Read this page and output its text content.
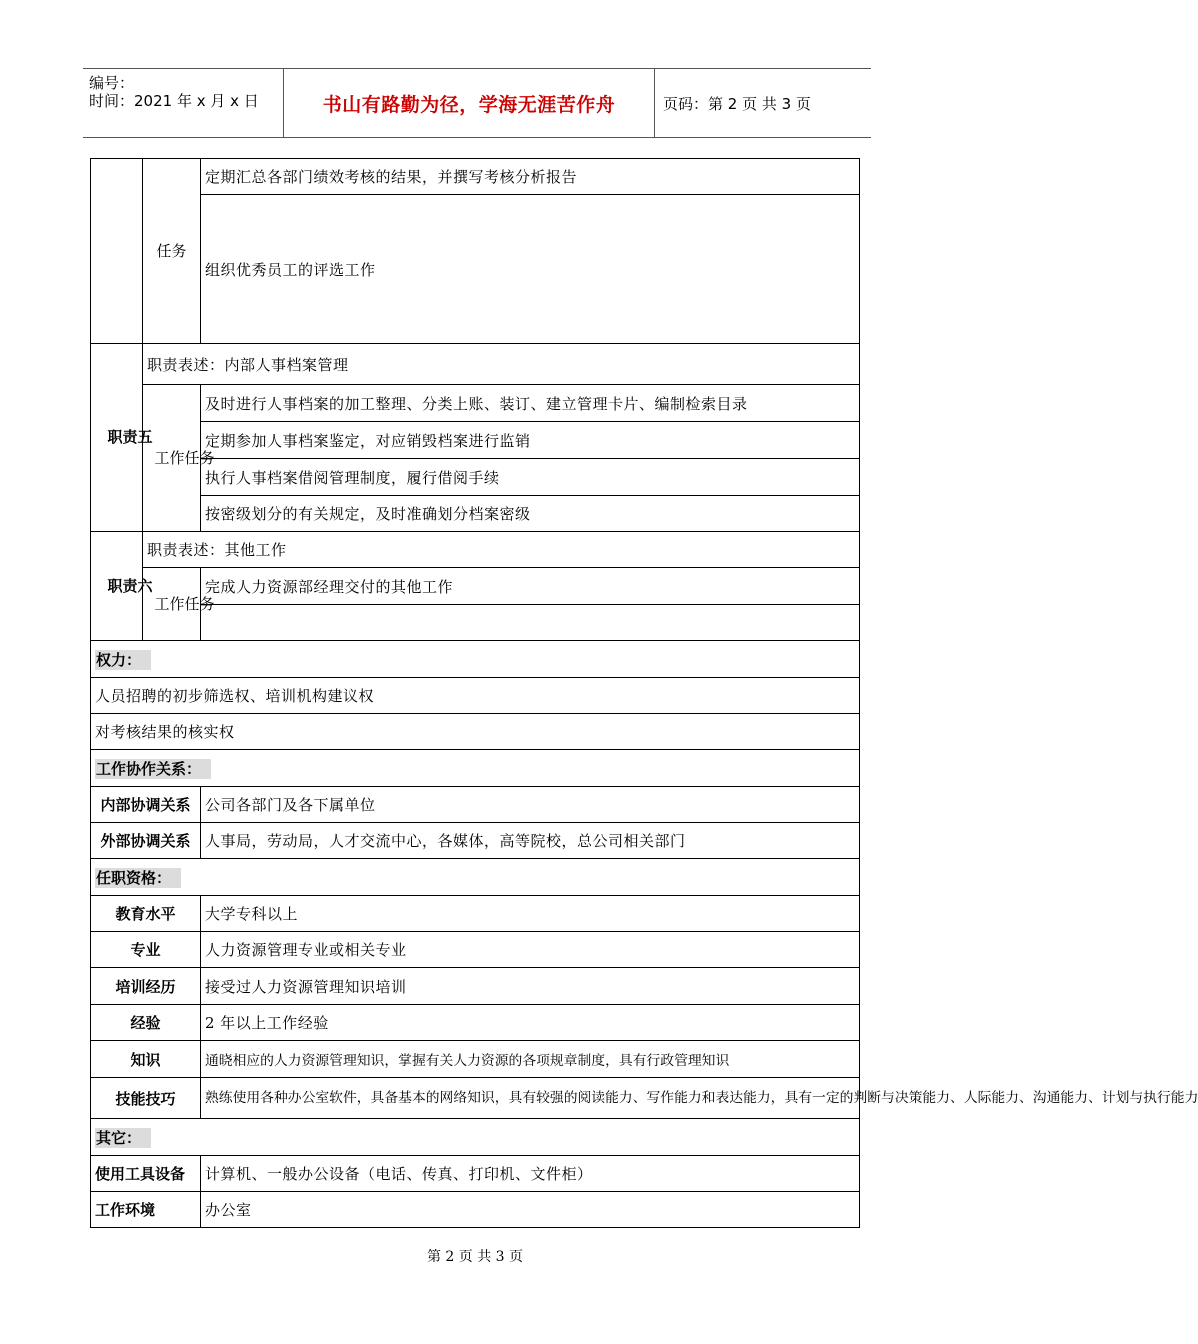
编号：
时间：2021 年 x 月 x 日	书山有路勤为径，学海无涯苦作舟	页码：第 2 页 共 3 页
	任务	定期汇总各部门绩效考核的结果，并撰写考核分析报告
		组织优秀员工的评选工作
职责五	职责表述：内部人事档案管理	
	工作任务	及时进行人事档案的加工整理、分类上账、装订、建立管理卡片、编制检索目录
		定期参加人事档案鉴定，对应销毁档案进行监销
		执行人事档案借阅管理制度，履行借阅手续
		按密级划分的有关规定，及时准确划分档案密级
职责六	职责表述：其他工作	
	工作任务	完成人力资源部经理交付的其他工作

权力：		
人员招聘的初步筛选权、培训机构建议权		
对考核结果的核实权		
工作协作关系：		
内部协调关系		公司各部门及各下属单位
外部协调关系		人事局，劳动局，人才交流中心，各媒体，高等院校，总公司相关部门
任职资格：		
教育水平		大学专科以上
专业		人力资源管理专业或相关专业
培训经历		接受过人力资源管理知识培训
经验		2 年以上工作经验
知识		通晓相应的人力资源管理知识，掌握有关人力资源的各项规章制度，具有行政管理知识
技能技巧		熟练使用各种办公室软件，具备基本的网络知识，具有较强的阅读能力、写作能力和表达能力，具有一定的判断与决策能力、人际能力、沟通能力、计划与执行能力
其它：		
使用工具设备		计算机、一般办公设备（电话、传真、打印机、文件柜）
工作环境		办公室
第 2 页 共 3 页
